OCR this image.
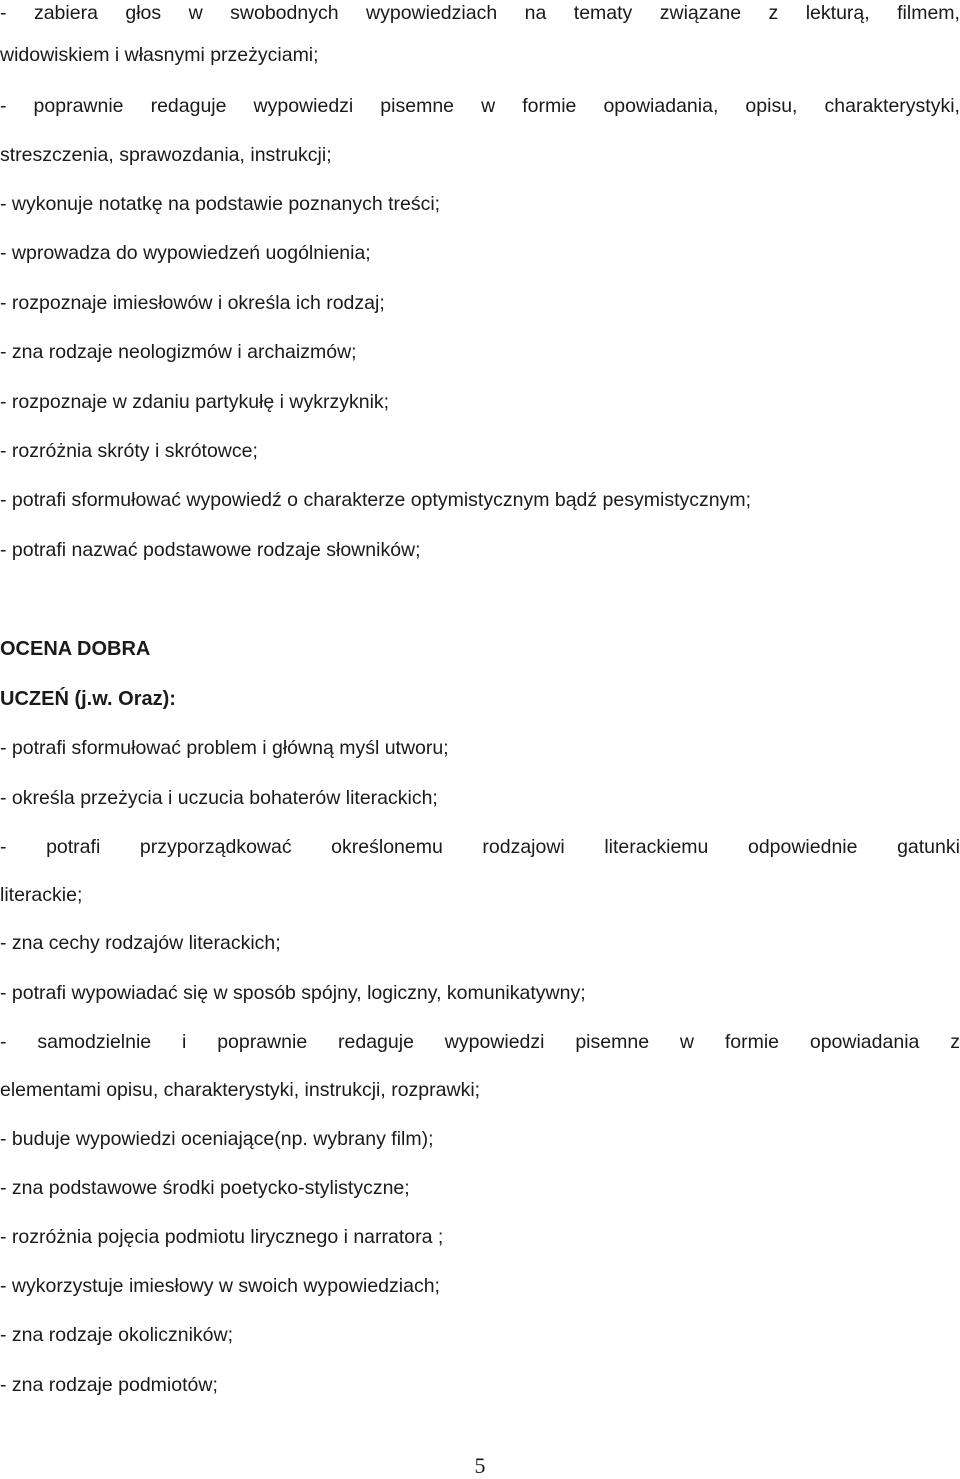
- zabiera głos w swobodnych wypowiedziach na tematy związane z lekturą, filmem,
widowiskiem i własnymi przeżyciami;
- poprawnie redaguje wypowiedzi pisemne w formie opowiadania, opisu, charakterystyki,
streszczenia, sprawozdania, instrukcji;
- wykonuje notatkę na podstawie poznanych treści;
- wprowadza do wypowiedzeń uogólnienia;
- rozpoznaje imiesłowów i określa ich rodzaj;
- zna rodzaje neologizmów i archaizmów;
- rozpoznaje w zdaniu partykułę i wykrzyknik;
- rozróżnia skróty i skrótowce;
- potrafi sformułować wypowiedź o charakterze optymistycznym bądź pesymistycznym;
- potrafi nazwać podstawowe rodzaje słowników;
OCENA DOBRA
UCZEŃ (j.w. Oraz):
- potrafi sformułować problem i główną myśl utworu;
- określa przeżycia i uczucia bohaterów literackich;
- potrafi przyporządkować określonemu rodzajowi literackiemu odpowiednie gatunki
literackie;
- zna cechy rodzajów literackich;
- potrafi wypowiadać się w sposób spójny, logiczny, komunikatywny;
- samodzielnie i poprawnie redaguje wypowiedzi pisemne w formie opowiadania z
elementami opisu, charakterystyki, instrukcji, rozprawki;
- buduje wypowiedzi oceniające(np. wybrany film);
- zna podstawowe środki poetycko-stylistyczne;
- rozróżnia pojęcia podmiotu lirycznego i narratora ;
- wykorzystuje imiesłowy w swoich wypowiedziach;
- zna rodzaje okoliczników;
- zna rodzaje podmiotów;
5
